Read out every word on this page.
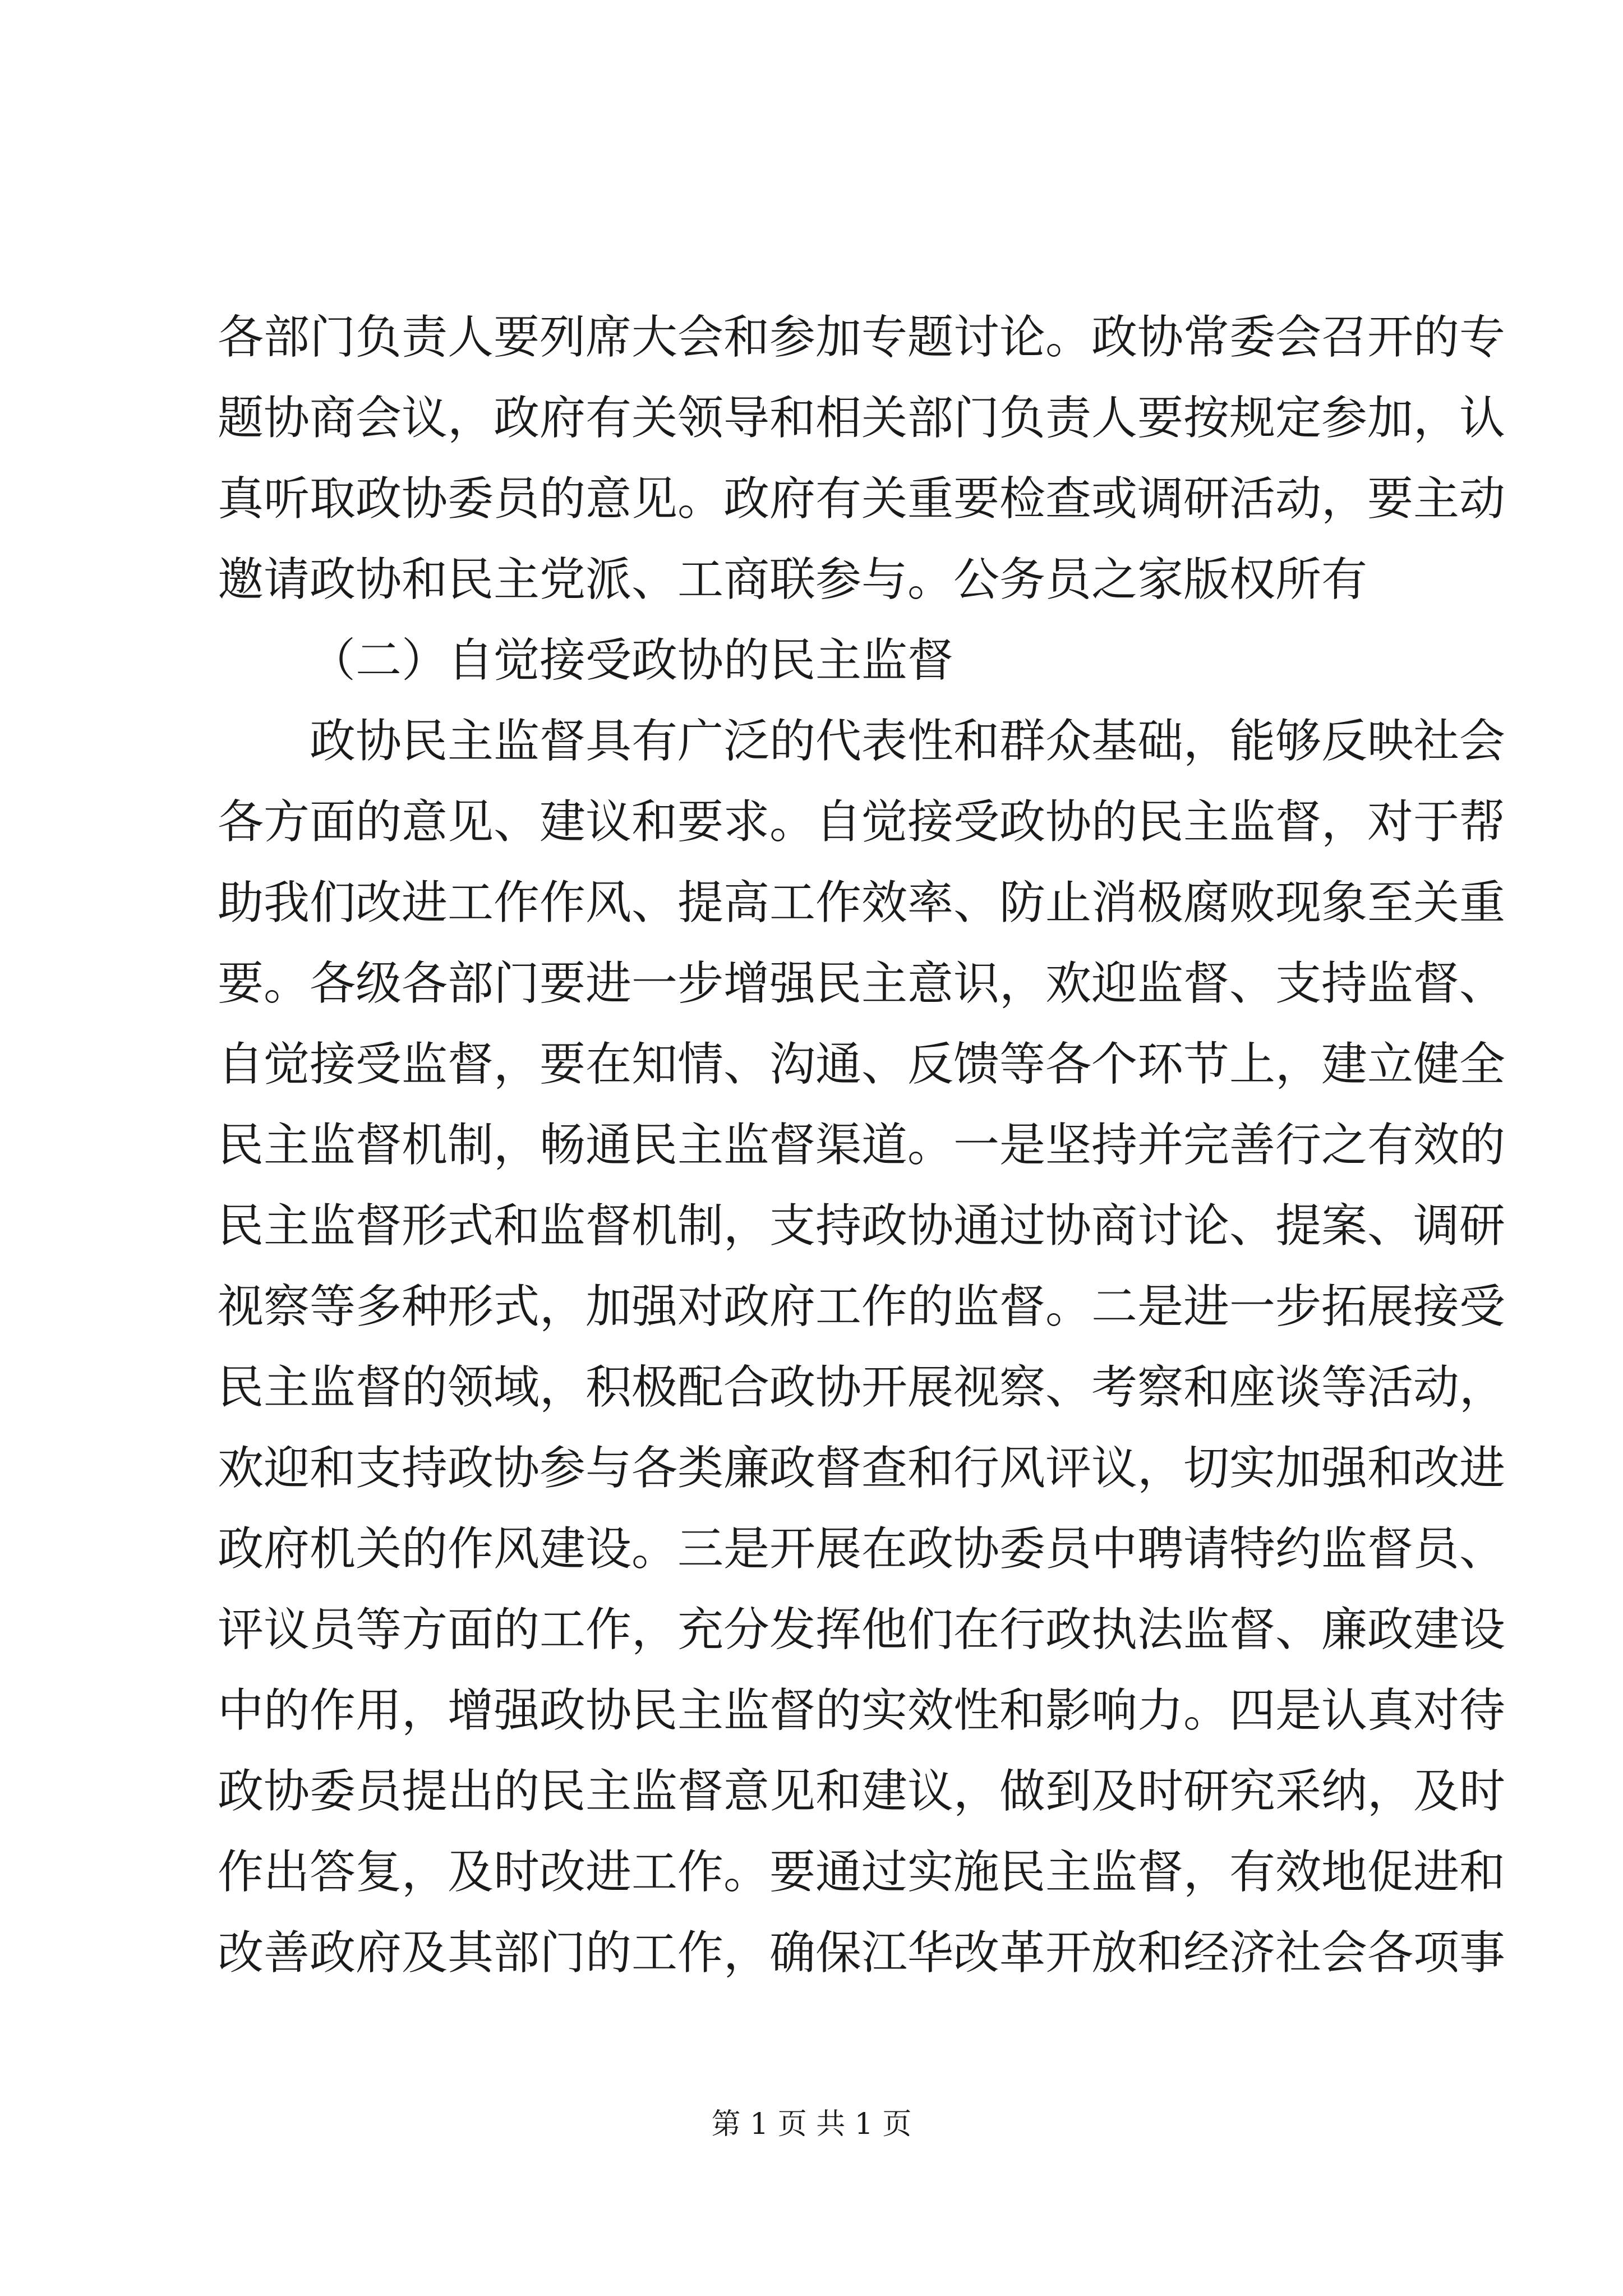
各部门负责人要列席大会和参加专题讨论。政协常委会召开的专
题协商会议，政府有关领导和相关部门负责人要按规定参加，认
真听取政协委员的意见。政府有关重要检查或调研活动，要主动
邀请政协和民主党派、工商联参与。公务员之家版权所有
（二）自觉接受政协的民主监督
政协民主监督具有广泛的代表性和群众基础，能够反映社会
各方面的意见、建议和要求。自觉接受政协的民主监督，对于帮
助我们改进工作作风、提高工作效率、防止消极腐败现象至关重
要。各级各部门要进一步增强民主意识，欢迎监督、支持监督、
自觉接受监督，要在知情、沟通、反馈等各个环节上，建立健全
民主监督机制，畅通民主监督渠道。一是坚持并完善行之有效的
民主监督形式和监督机制，支持政协通过协商讨论、提案、调研
视察等多种形式，加强对政府工作的监督。二是进一步拓展接受
民主监督的领域，积极配合政协开展视察、考察和座谈等活动，
欢迎和支持政协参与各类廉政督查和行风评议，切实加强和改进
政府机关的作风建设。三是开展在政协委员中聘请特约监督员、
评议员等方面的工作，充分发挥他们在行政执法监督、廉政建设
中的作用，增强政协民主监督的实效性和影响力。四是认真对待
政协委员提出的民主监督意见和建议，做到及时研究采纳，及时
作出答复，及时改进工作。要通过实施民主监督，有效地促进和
改善政府及其部门的工作，确保江华改革开放和经济社会各项事
第 1 页 共 1 页
